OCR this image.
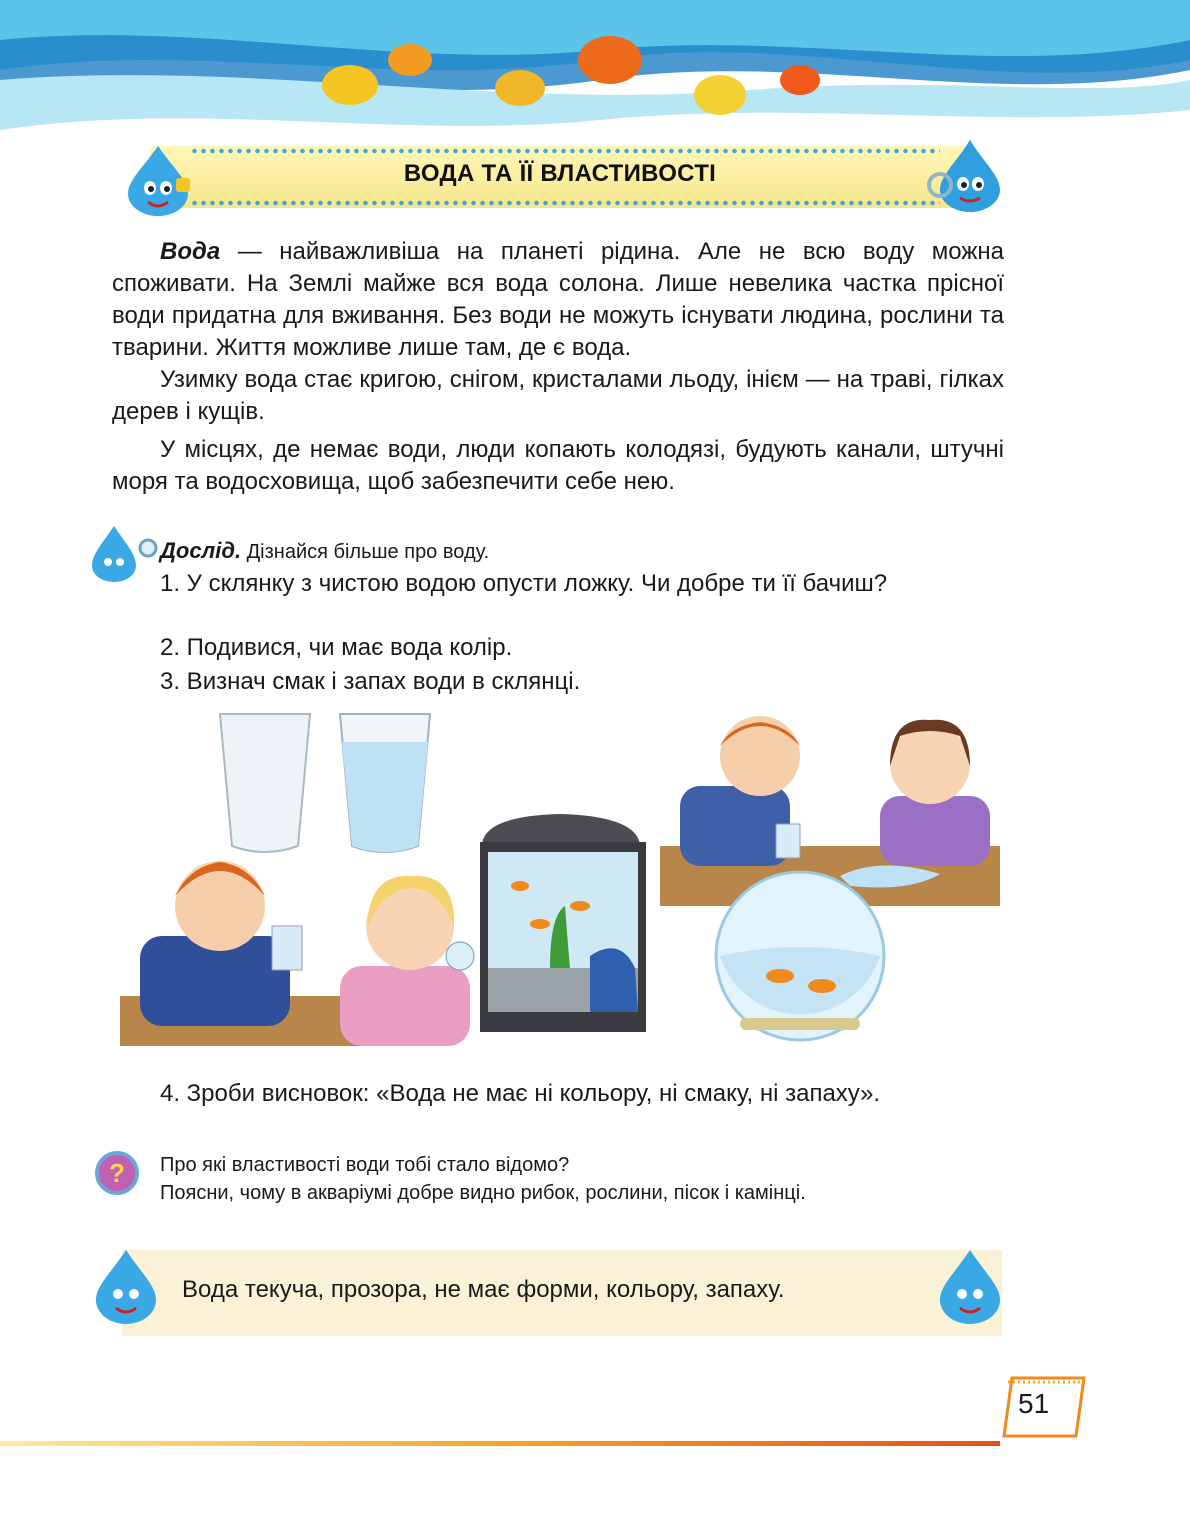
ВОДА ТА ЇЇ ВЛАСТИВОСТІ

Вода — найважливіша на планеті рідина. Але не всю воду можна споживати. На Землі майже вся вода солона. Лише невелика частка прісної води придатна для вживання. Без води не можуть існувати людина, рослини та тварини. Життя можливе лише там, де є вода.

Узимку вода стає кригою, снігом, кристалами льоду, інієм — на траві, гілках дерев і кущів.

У місцях, де немає води, люди копають колодязі, будують канали, штучні моря та водосховища, щоб забезпечити себе нею.

Дослід. Дізнайся більше про воду.

1. У склянку з чистою водою опусти ложку. Чи добре ти її бачиш?

2. Подивися, чи має вода колір.
3. Визнач смак і запах води в склянці.
4. Зроби висновок: «Вода не має ні кольору, ні смаку, ні запаху».
? Про які властивості води тобі стало відомо?
Поясни, чому в акваріумі добре видно рибок, рослини, пісок і камінці.
Вода текуча, прозора, не має форми, кольору, запаху.
51
